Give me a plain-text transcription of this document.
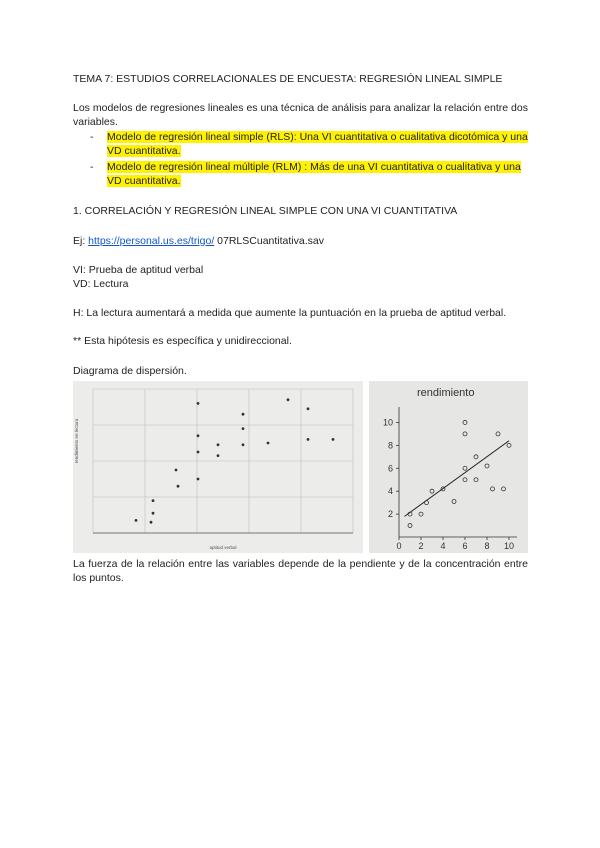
TEMA 7: ESTUDIOS CORRELACIONALES DE ENCUESTA: REGRESIÓN LINEAL SIMPLE
Los modelos de regresiones lineales es una técnica de análisis para analizar la relación entre dos variables.
-	Modelo de regresión lineal simple (RLS): Una VI cuantitativa o cualitativa dicotómica y una VD cuantitativa.
-	Modelo de regresión lineal múltiple (RLM) : Más de una VI cuantitativa o cualitativa y una VD cuantitativa.
1. CORRELACIÓN Y REGRESIÓN LINEAL SIMPLE CON UNA VI CUANTITATIVA
Ej: https://personal.us.es/trigo/ 07RLSCuantitativa.sav
VI: Prueba de aptitud verbal
VD: Lectura
H: La lectura aumentará a medida que aumente la puntuación en la prueba de aptitud verbal.
** Esta hipótesis es específica y unidireccional.
Diagrama de dispersión.
rendimiento en lectura
aptitud verbal
rendimiento
0 2 4 6 8 10
2
4
6
8
10
La fuerza de la relación entre las variables depende de la pendiente y de la concentración entre los puntos.
